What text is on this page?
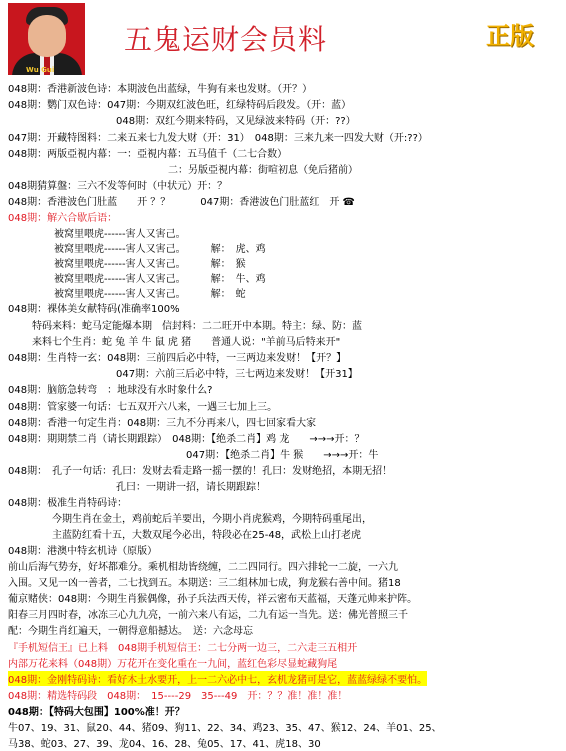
Wu Gui
五鬼运财会员料	正版
048期：香港新波色诗：本期波色出蓝绿，牛狗有来也发财。（开？）
048期：鹦门双色诗：047期：今期双红波色旺，红绿特码后段发。（开：蓝）
048期：双红今期来特码，又见绿波来特码（开：??）
047期：开藏特图料：二来五来七九发大财（开：31）　048期：三来九来一四发大财（开:??）
048期：两版亞視内幕：一：亞視内幕：五马值千（二七合数）
二：另版亞視内幕：街喧初息（免后猪前）
048期猜算盤：三六不发等何时（中状元）开：？
048期：香港波色门肚蓝　　开 ？？　　　047期：香港波色门肚蓝红　开 ☎
048期：解六合歇后语：
被窝里喂虎------害人又害己。
被窝里喂虎------害人又害己。　　　解：　虎、鸡
被窝里喂虎------害人又害己。　　　解：　猴
被窝里喂虎------害人又害己。　　　解：　牛、鸡
被窝里喂虎------害人又害己。　　　解：　蛇
048期：裸体美女献特码(准确率100%
特码来料：蛇马定能爆本期　信封料：二二旺开中本期。特主：绿、防：蓝
来料七个生肖：蛇 兔 羊 牛 鼠 虎 猪　　普通人说："羊前马后特来开"
048期：生肖特一玄：048期：三前四后必中特，一三两边来发财！【开？】
047期：六前三后必中特，三七两边来发财！【开31】
048期：脑筋急转弯　：地球没有水时象什么?
048期：管家婆一句话：七五双开六八来，一遇三七加上三。
048期：香港一句定生肖：048期：三九不分再来八，四七回家看大家
048期：期期禁二肖（请长期跟踪）　048期：【绝杀二肖】鸡 龙　　→→→开：？
047期：【绝杀二肖】牛 猴　　→→→开：牛
048期：　孔子一句话：孔曰：发财去看走路一摇一摆的！孔曰：发财绝招，本期无招！
孔曰：一期讲一招，请长期跟踪！
048期：极准生肖特码诗：
今期生肖在金土，鸡前蛇后羊要出，今期小肖虎猴鸡，今期特码重尾出，
主蓝防红看十五，大数双尾今必出，特段必在25-48，武松上山打老虎
048期：港澳中特玄机诗（原版）
前山后海气势夯，好坏都难分。乘机相劫皆绕缠，二二四同行。四六排轮一二旋，一六九
入围。又见一凶一善者，二七找到五。本期送：三二组林加七成，狗龙猴右善中间。猪18
葡京赌侠：048期：今期生肖猴偶像，孙子兵法西天传，祥云密布天蓝福，天蓬元帅来护阵。
阳春三月四时春，冰冻三心九九亮，一前六来八有运，二九有运一当先。送：佛光普照三千
配：今期生肖红遍天，一朝得意船撼达。　送：六念母忘
『手机短信王』已上料　048期手机短信王：二七分两一边三，二六走三五相开
内部万花来料（048期）万花开在变化重在一九间，蓝红色彩尽显蛇藏狗尾
048期：金刚特码诗：看好木土水要开，上一二六必中七，玄机龙猪可是它，蓝蓝绿绿不要怕。
048期：精选特码段　048期：　15----29　35---49　开：？？准！准！准！
048期：【特码大包围】100%准！开？
牛07、19、31、鼠20、44、猪09、狗11、22、34、鸡23、35、47、猴12、24、羊01、25、
马38、蛇03、27、39、龙04、16、28、兔05、17、41、虎18、30
